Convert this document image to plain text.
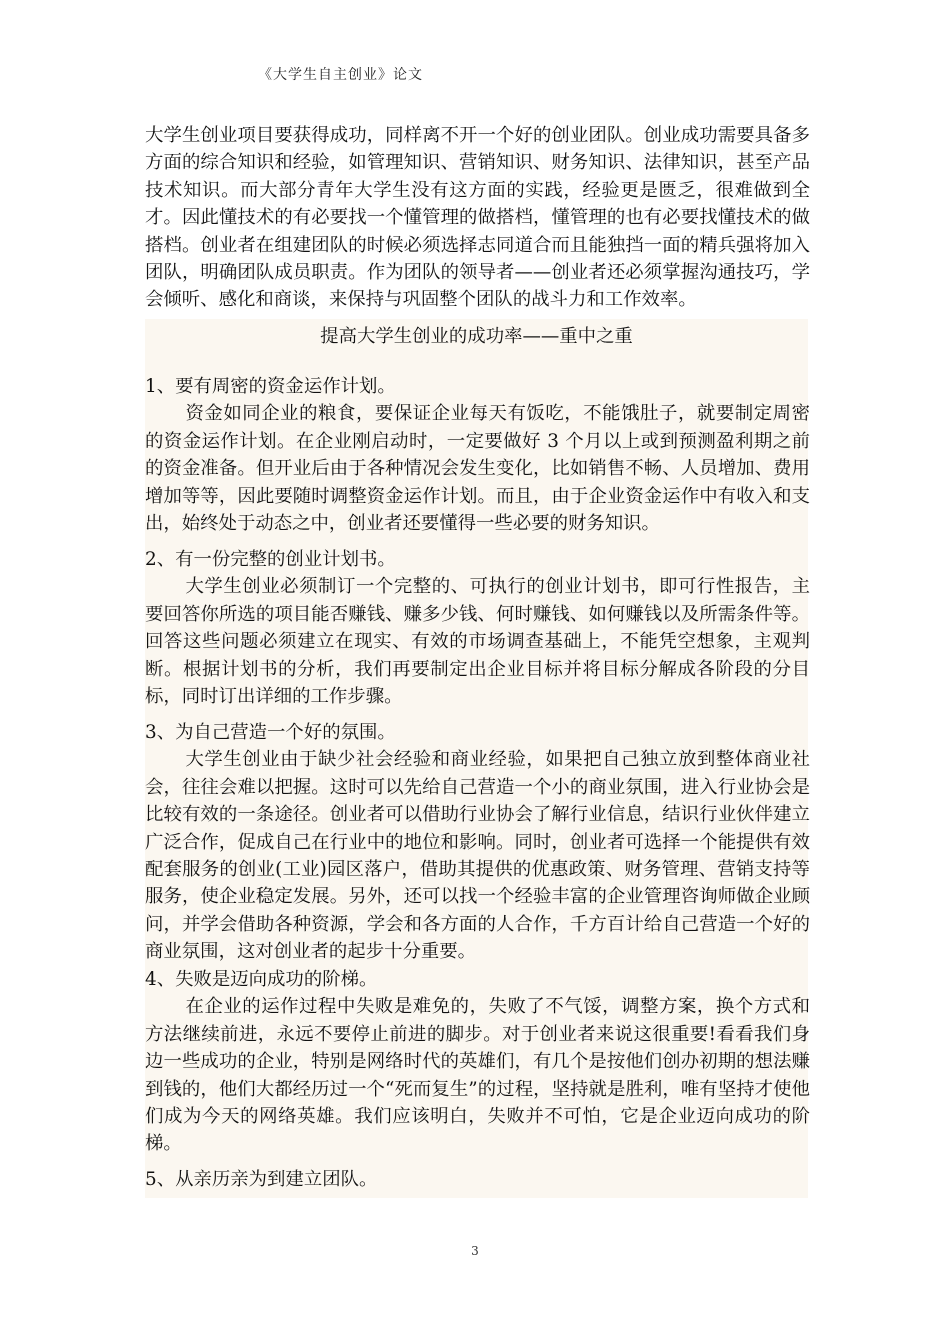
《大学生自主创业》论文

大学生创业项目要获得成功，同样离不开一个好的创业团队。创业成功需要具备多方面的综合知识和经验，如管理知识、营销知识、财务知识、法律知识，甚至产品技术知识。而大部分青年大学生没有这方面的实践，经验更是匮乏，很难做到全才。因此懂技术的有必要找一个懂管理的做搭档，懂管理的也有必要找懂技术的做搭档。创业者在组建团队的时候必须选择志同道合而且能独挡一面的精兵强将加入团队，明确团队成员职责。作为团队的领导者——创业者还必须掌握沟通技巧，学会倾听、感化和商谈，来保持与巩固整个团队的战斗力和工作效率。

提高大学生创业的成功率——重中之重

1、要有周密的资金运作计划。

资金如同企业的粮食，要保证企业每天有饭吃，不能饿肚子，就要制定周密的资金运作计划。在企业刚启动时，一定要做好 3 个月以上或到预测盈利期之前的资金准备。但开业后由于各种情况会发生变化，比如销售不畅、人员增加、费用增加等等，因此要随时调整资金运作计划。而且，由于企业资金运作中有收入和支出，始终处于动态之中，创业者还要懂得一些必要的财务知识。

2、有一份完整的创业计划书。

大学生创业必须制订一个完整的、可执行的创业计划书，即可行性报告，主要回答你所选的项目能否赚钱、赚多少钱、何时赚钱、如何赚钱以及所需条件等。回答这些问题必须建立在现实、有效的市场调查基础上，不能凭空想象，主观判断。根据计划书的分析，我们再要制定出企业目标并将目标分解成各阶段的分目标，同时订出详细的工作步骤。

3、为自己营造一个好的氛围。

大学生创业由于缺少社会经验和商业经验，如果把自己独立放到整体商业社会，往往会难以把握。这时可以先给自己营造一个小的商业氛围，进入行业协会是比较有效的一条途径。创业者可以借助行业协会了解行业信息，结识行业伙伴建立广泛合作，促成自己在行业中的地位和影响。同时，创业者可选择一个能提供有效配套服务的创业(工业)园区落户，借助其提供的优惠政策、财务管理、营销支持等服务，使企业稳定发展。另外，还可以找一个经验丰富的企业管理咨询师做企业顾问，并学会借助各种资源，学会和各方面的人合作，千方百计给自己营造一个好的商业氛围，这对创业者的起步十分重要。

4、失败是迈向成功的阶梯。

在企业的运作过程中失败是难免的，失败了不气馁，调整方案，换个方式和方法继续前进，永远不要停止前进的脚步。对于创业者来说这很重要!看看我们身边一些成功的企业，特别是网络时代的英雄们，有几个是按他们创办初期的想法赚到钱的，他们大都经历过一个“死而复生”的过程，坚持就是胜利，唯有坚持才使他们成为今天的网络英雄。我们应该明白，失败并不可怕，它是企业迈向成功的阶梯。

5、从亲历亲为到建立团队。

3
